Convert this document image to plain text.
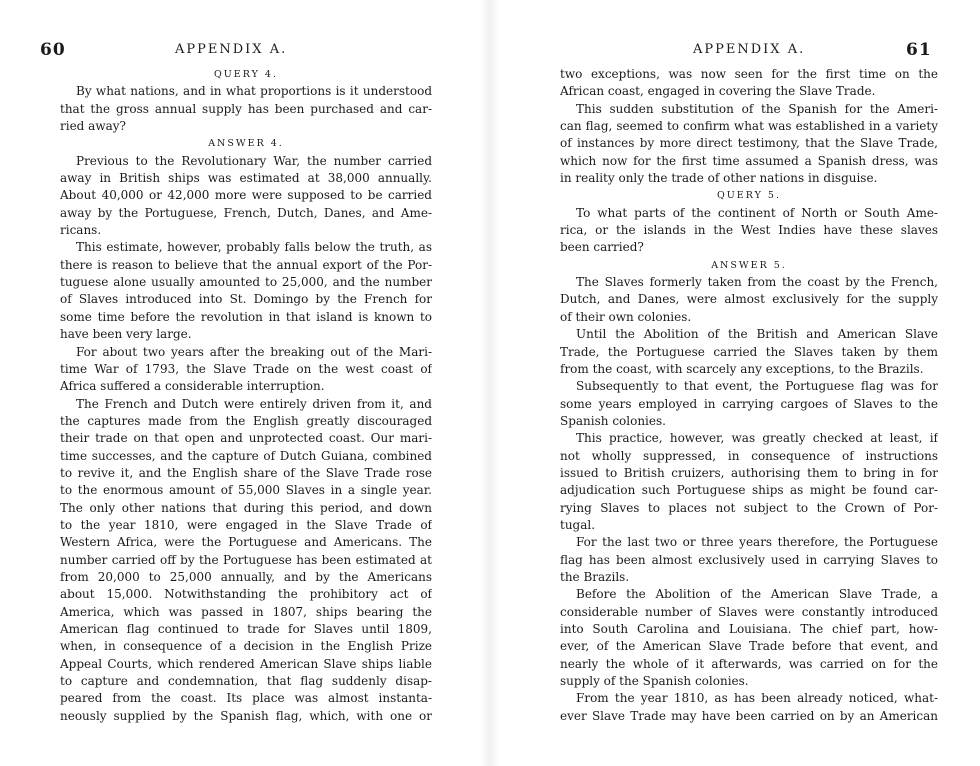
60	APPENDIX A.
QUERY 4.
By what nations, and in what proportions is it understood
that the gross annual supply has been purchased and car-
ried away?
ANSWER 4.
Previous to the Revolutionary War, the number carried
away in British ships was estimated at 38,000 annually.
About 40,000 or 42,000 more were supposed to be carried
away by the Portuguese, French, Dutch, Danes, and Ame-
ricans.
This estimate, however, probably falls below the truth, as
there is reason to believe that the annual export of the Por-
tuguese alone usually amounted to 25,000, and the number
of Slaves introduced into St. Domingo by the French for
some time before the revolution in that island is known to
have been very large.
For about two years after the breaking out of the Mari-
time War of 1793, the Slave Trade on the west coast of
Africa suffered a considerable interruption.
The French and Dutch were entirely driven from it, and
the captures made from the English greatly discouraged
their trade on that open and unprotected coast. Our mari-
time successes, and the capture of Dutch Guiana, combined
to revive it, and the English share of the Slave Trade rose
to the enormous amount of 55,000 Slaves in a single year.
The only other nations that during this period, and down
to the year 1810, were engaged in the Slave Trade of
Western Africa, were the Portuguese and Americans. The
number carried off by the Portuguese has been estimated at
from 20,000 to 25,000 annually, and by the Americans
about 15,000. Notwithstanding the prohibitory act of
America, which was passed in 1807, ships bearing the
American flag continued to trade for Slaves until 1809,
when, in consequence of a decision in the English Prize
Appeal Courts, which rendered American Slave ships liable
to capture and condemnation, that flag suddenly disap-
peared from the coast. Its place was almost instanta-
neously supplied by the Spanish flag, which, with one or
61
APPENDIX A.
two exceptions, was now seen for the first time on the
African coast, engaged in covering the Slave Trade.
This sudden substitution of the Spanish for the Ameri-
can flag, seemed to confirm what was established in a variety
of instances by more direct testimony, that the Slave Trade,
which now for the first time assumed a Spanish dress, was
in reality only the trade of other nations in disguise.
QUERY 5.
To what parts of the continent of North or South Ame-
rica, or the islands in the West Indies have these slaves
been carried?
ANSWER 5.
The Slaves formerly taken from the coast by the French,
Dutch, and Danes, were almost exclusively for the supply
of their own colonies.
Until the Abolition of the British and American Slave
Trade, the Portuguese carried the Slaves taken by them
from the coast, with scarcely any exceptions, to the Brazils.
Subsequently to that event, the Portuguese flag was for
some years employed in carrying cargoes of Slaves to the
Spanish colonies.
This practice, however, was greatly checked at least, if
not wholly suppressed, in consequence of instructions
issued to British cruizers, authorising them to bring in for
adjudication such Portuguese ships as might be found car-
rying Slaves to places not subject to the Crown of Por-
tugal.
For the last two or three years therefore, the Portuguese
flag has been almost exclusively used in carrying Slaves to
the Brazils.
Before the Abolition of the American Slave Trade, a
considerable number of Slaves were constantly introduced
into South Carolina and Louisiana. The chief part, how-
ever, of the American Slave Trade before that event, and
nearly the whole of it afterwards, was carried on for the
supply of the Spanish colonies.
From the year 1810, as has been already noticed, what-
ever Slave Trade may have been carried on by an American
